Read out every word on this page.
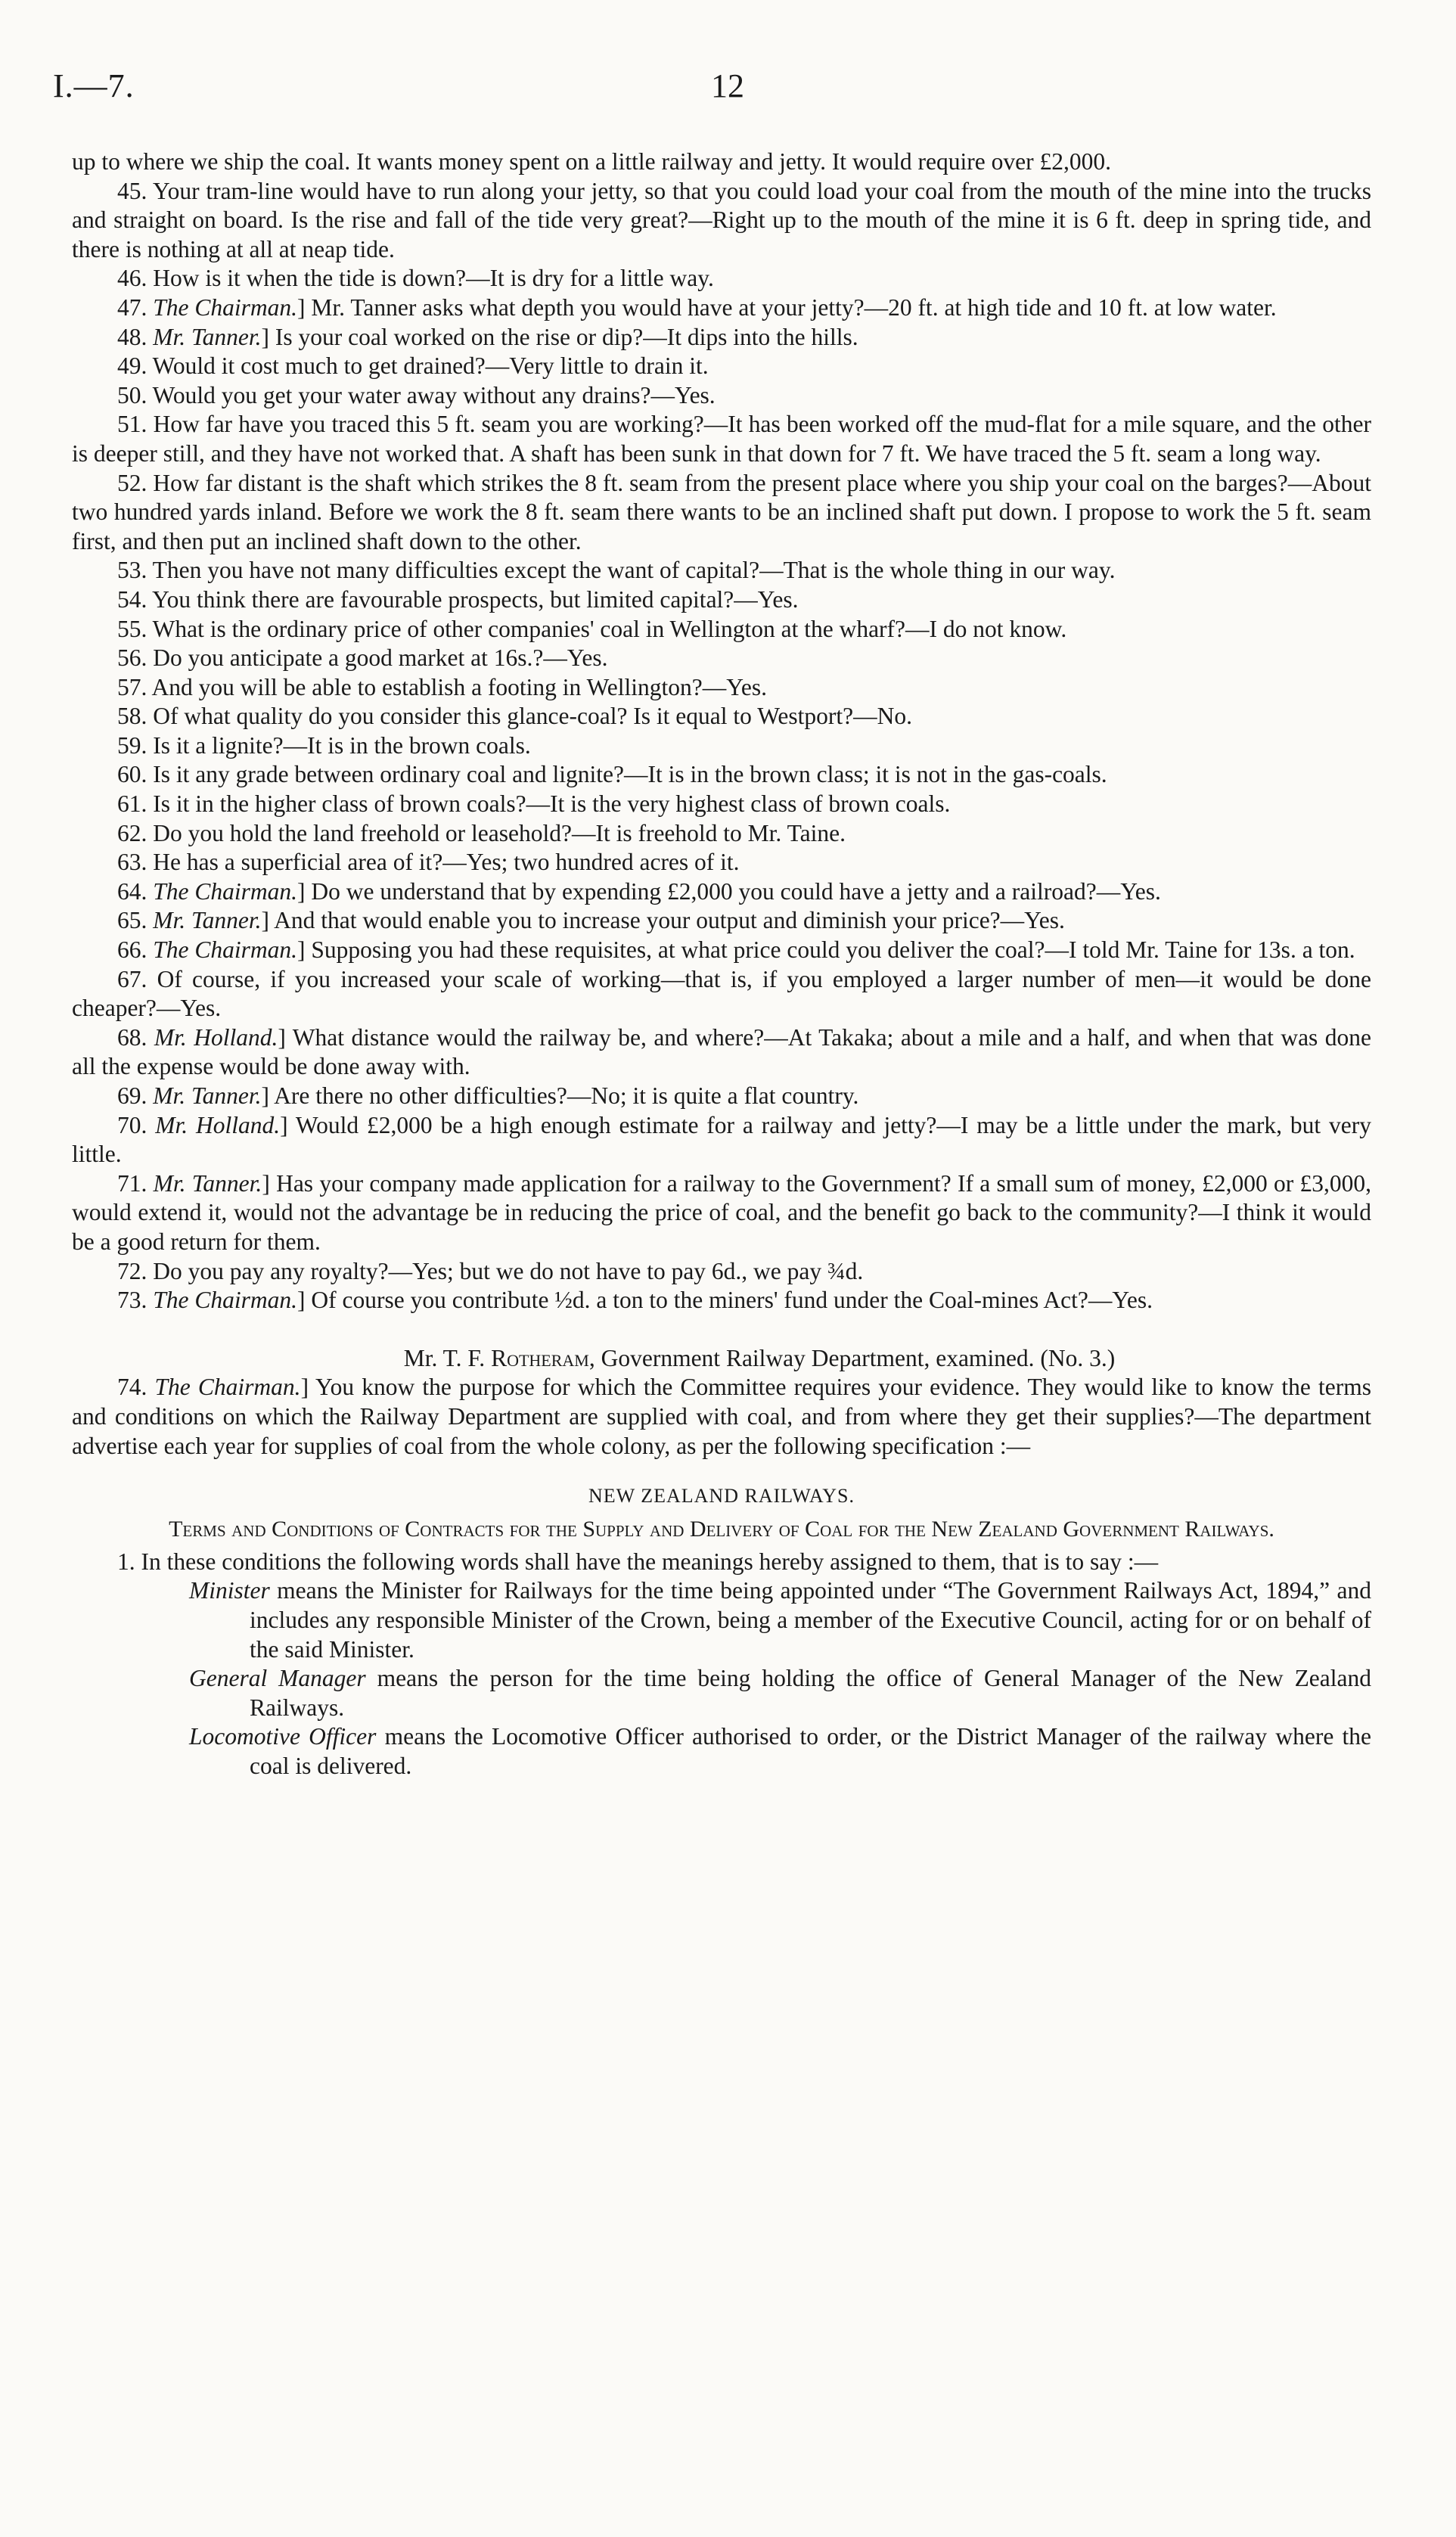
I.—7.	12

up to where we ship the coal. It wants money spent on a little railway and jetty. It would require over £2,000.

45. Your tram-line would have to run along your jetty, so that you could load your coal from the mouth of the mine into the trucks and straight on board. Is the rise and fall of the tide very great?—Right up to the mouth of the mine it is 6 ft. deep in spring tide, and there is nothing at all at neap tide.

46. How is it when the tide is down?—It is dry for a little way.

47. The Chairman.] Mr. Tanner asks what depth you would have at your jetty?—20 ft. at high tide and 10 ft. at low water.

48. Mr. Tanner.] Is your coal worked on the rise or dip?—It dips into the hills.

49. Would it cost much to get drained?—Very little to drain it.

50. Would you get your water away without any drains?—Yes.

51. How far have you traced this 5 ft. seam you are working?—It has been worked off the mud-flat for a mile square, and the other is deeper still, and they have not worked that. A shaft has been sunk in that down for 7 ft. We have traced the 5 ft. seam a long way.

52. How far distant is the shaft which strikes the 8 ft. seam from the present place where you ship your coal on the barges?—About two hundred yards inland. Before we work the 8 ft. seam there wants to be an inclined shaft put down. I propose to work the 5 ft. seam first, and then put an inclined shaft down to the other.

53. Then you have not many difficulties except the want of capital?—That is the whole thing in our way.

54. You think there are favourable prospects, but limited capital?—Yes.

55. What is the ordinary price of other companies' coal in Wellington at the wharf?—I do not know.

56. Do you anticipate a good market at 16s.?—Yes.

57. And you will be able to establish a footing in Wellington?—Yes.

58. Of what quality do you consider this glance-coal? Is it equal to Westport?—No.

59. Is it a lignite?—It is in the brown coals.

60. Is it any grade between ordinary coal and lignite?—It is in the brown class; it is not in the gas-coals.

61. Is it in the higher class of brown coals?—It is the very highest class of brown coals.

62. Do you hold the land freehold or leasehold?—It is freehold to Mr. Taine.

63. He has a superficial area of it?—Yes; two hundred acres of it.

64. The Chairman.] Do we understand that by expending £2,000 you could have a jetty and a railroad?—Yes.

65. Mr. Tanner.] And that would enable you to increase your output and diminish your price?—Yes.

66. The Chairman.] Supposing you had these requisites, at what price could you deliver the coal?—I told Mr. Taine for 13s. a ton.

67. Of course, if you increased your scale of working—that is, if you employed a larger number of men—it would be done cheaper?—Yes.

68. Mr. Holland.] What distance would the railway be, and where?—At Takaka; about a mile and a half, and when that was done all the expense would be done away with.

69. Mr. Tanner.] Are there no other difficulties?—No; it is quite a flat country.

70. Mr. Holland.] Would £2,000 be a high enough estimate for a railway and jetty?—I may be a little under the mark, but very little.

71. Mr. Tanner.] Has your company made application for a railway to the Government? If a small sum of money, £2,000 or £3,000, would extend it, would not the advantage be in reducing the price of coal, and the benefit go back to the community?—I think it would be a good return for them.

72. Do you pay any royalty?—Yes; but we do not have to pay 6d., we pay ¾d.

73. The Chairman.] Of course you contribute ½d. a ton to the miners' fund under the Coal-mines Act?—Yes.

Mr. T. F. Rotheram, Government Railway Department, examined. (No. 3.)

74. The Chairman.] You know the purpose for which the Committee requires your evidence. They would like to know the terms and conditions on which the Railway Department are supplied with coal, and from where they get their supplies?—The department advertise each year for supplies of coal from the whole colony, as per the following specification :—

NEW ZEALAND RAILWAYS.

Terms and Conditions of Contracts for the Supply and Delivery of Coal for the New Zealand Government Railways.

1. In these conditions the following words shall have the meanings hereby assigned to them, that is to say :—

Minister means the Minister for Railways for the time being appointed under “The Government Railways Act, 1894,” and includes any responsible Minister of the Crown, being a member of the Executive Council, acting for or on behalf of the said Minister.

General Manager means the person for the time being holding the office of General Manager of the New Zealand Railways.

Locomotive Officer means the Locomotive Officer authorised to order, or the District Manager of the railway where the coal is delivered.
